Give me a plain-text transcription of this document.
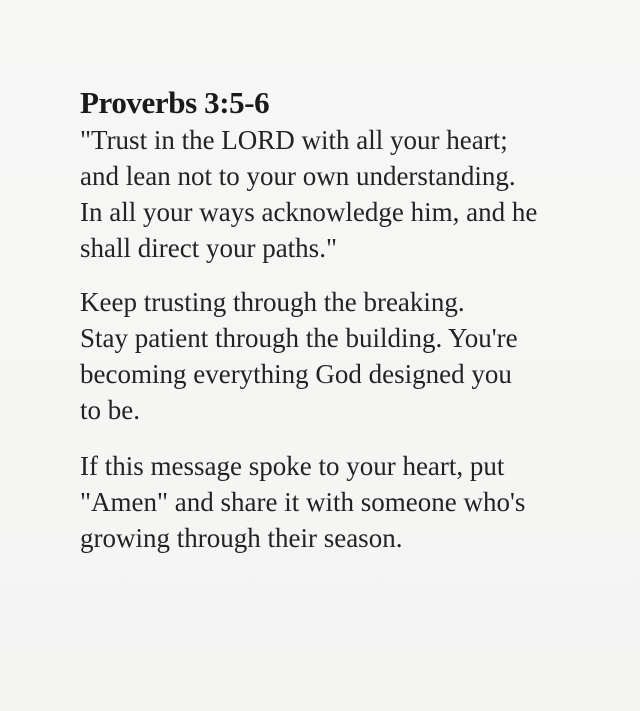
Proverbs 3:5-6

"Trust in the LORD with all your heart;
and lean not to your own understanding.
In all your ways acknowledge him, and he
shall direct your paths."

Keep trusting through the breaking.
Stay patient through the building. You're
becoming everything God designed you
to be.

If this message spoke to your heart, put
"Amen" and share it with someone who's
growing through their season.
